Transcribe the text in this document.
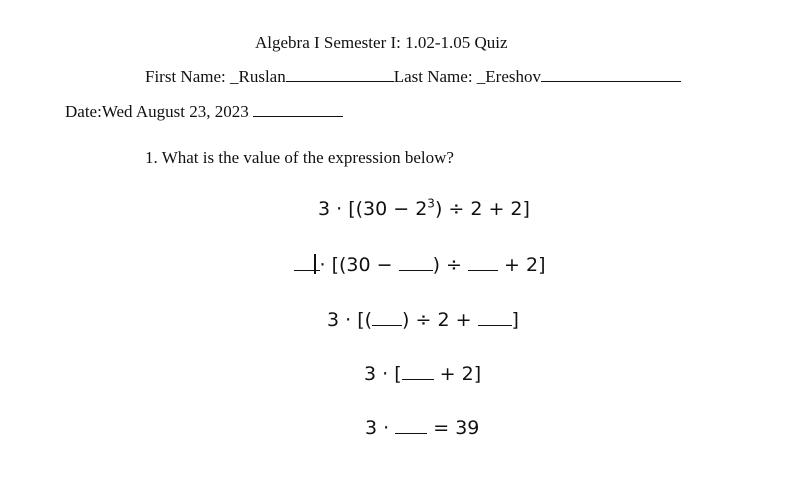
Algebra I Semester I: 1.02-1.05 Quiz
First Name: _Ruslan	Last Name: _Ereshov
Date:Wed August 23, 2023
1. What is the value of the expression below?
$3 \cdot [(30 - 2^3) \div 2 + 2]$
· [(30 − ) ÷  + 2]
3 · [( ) ÷ 2 + ]
3 · [ + 2]
3 ·  = 39
